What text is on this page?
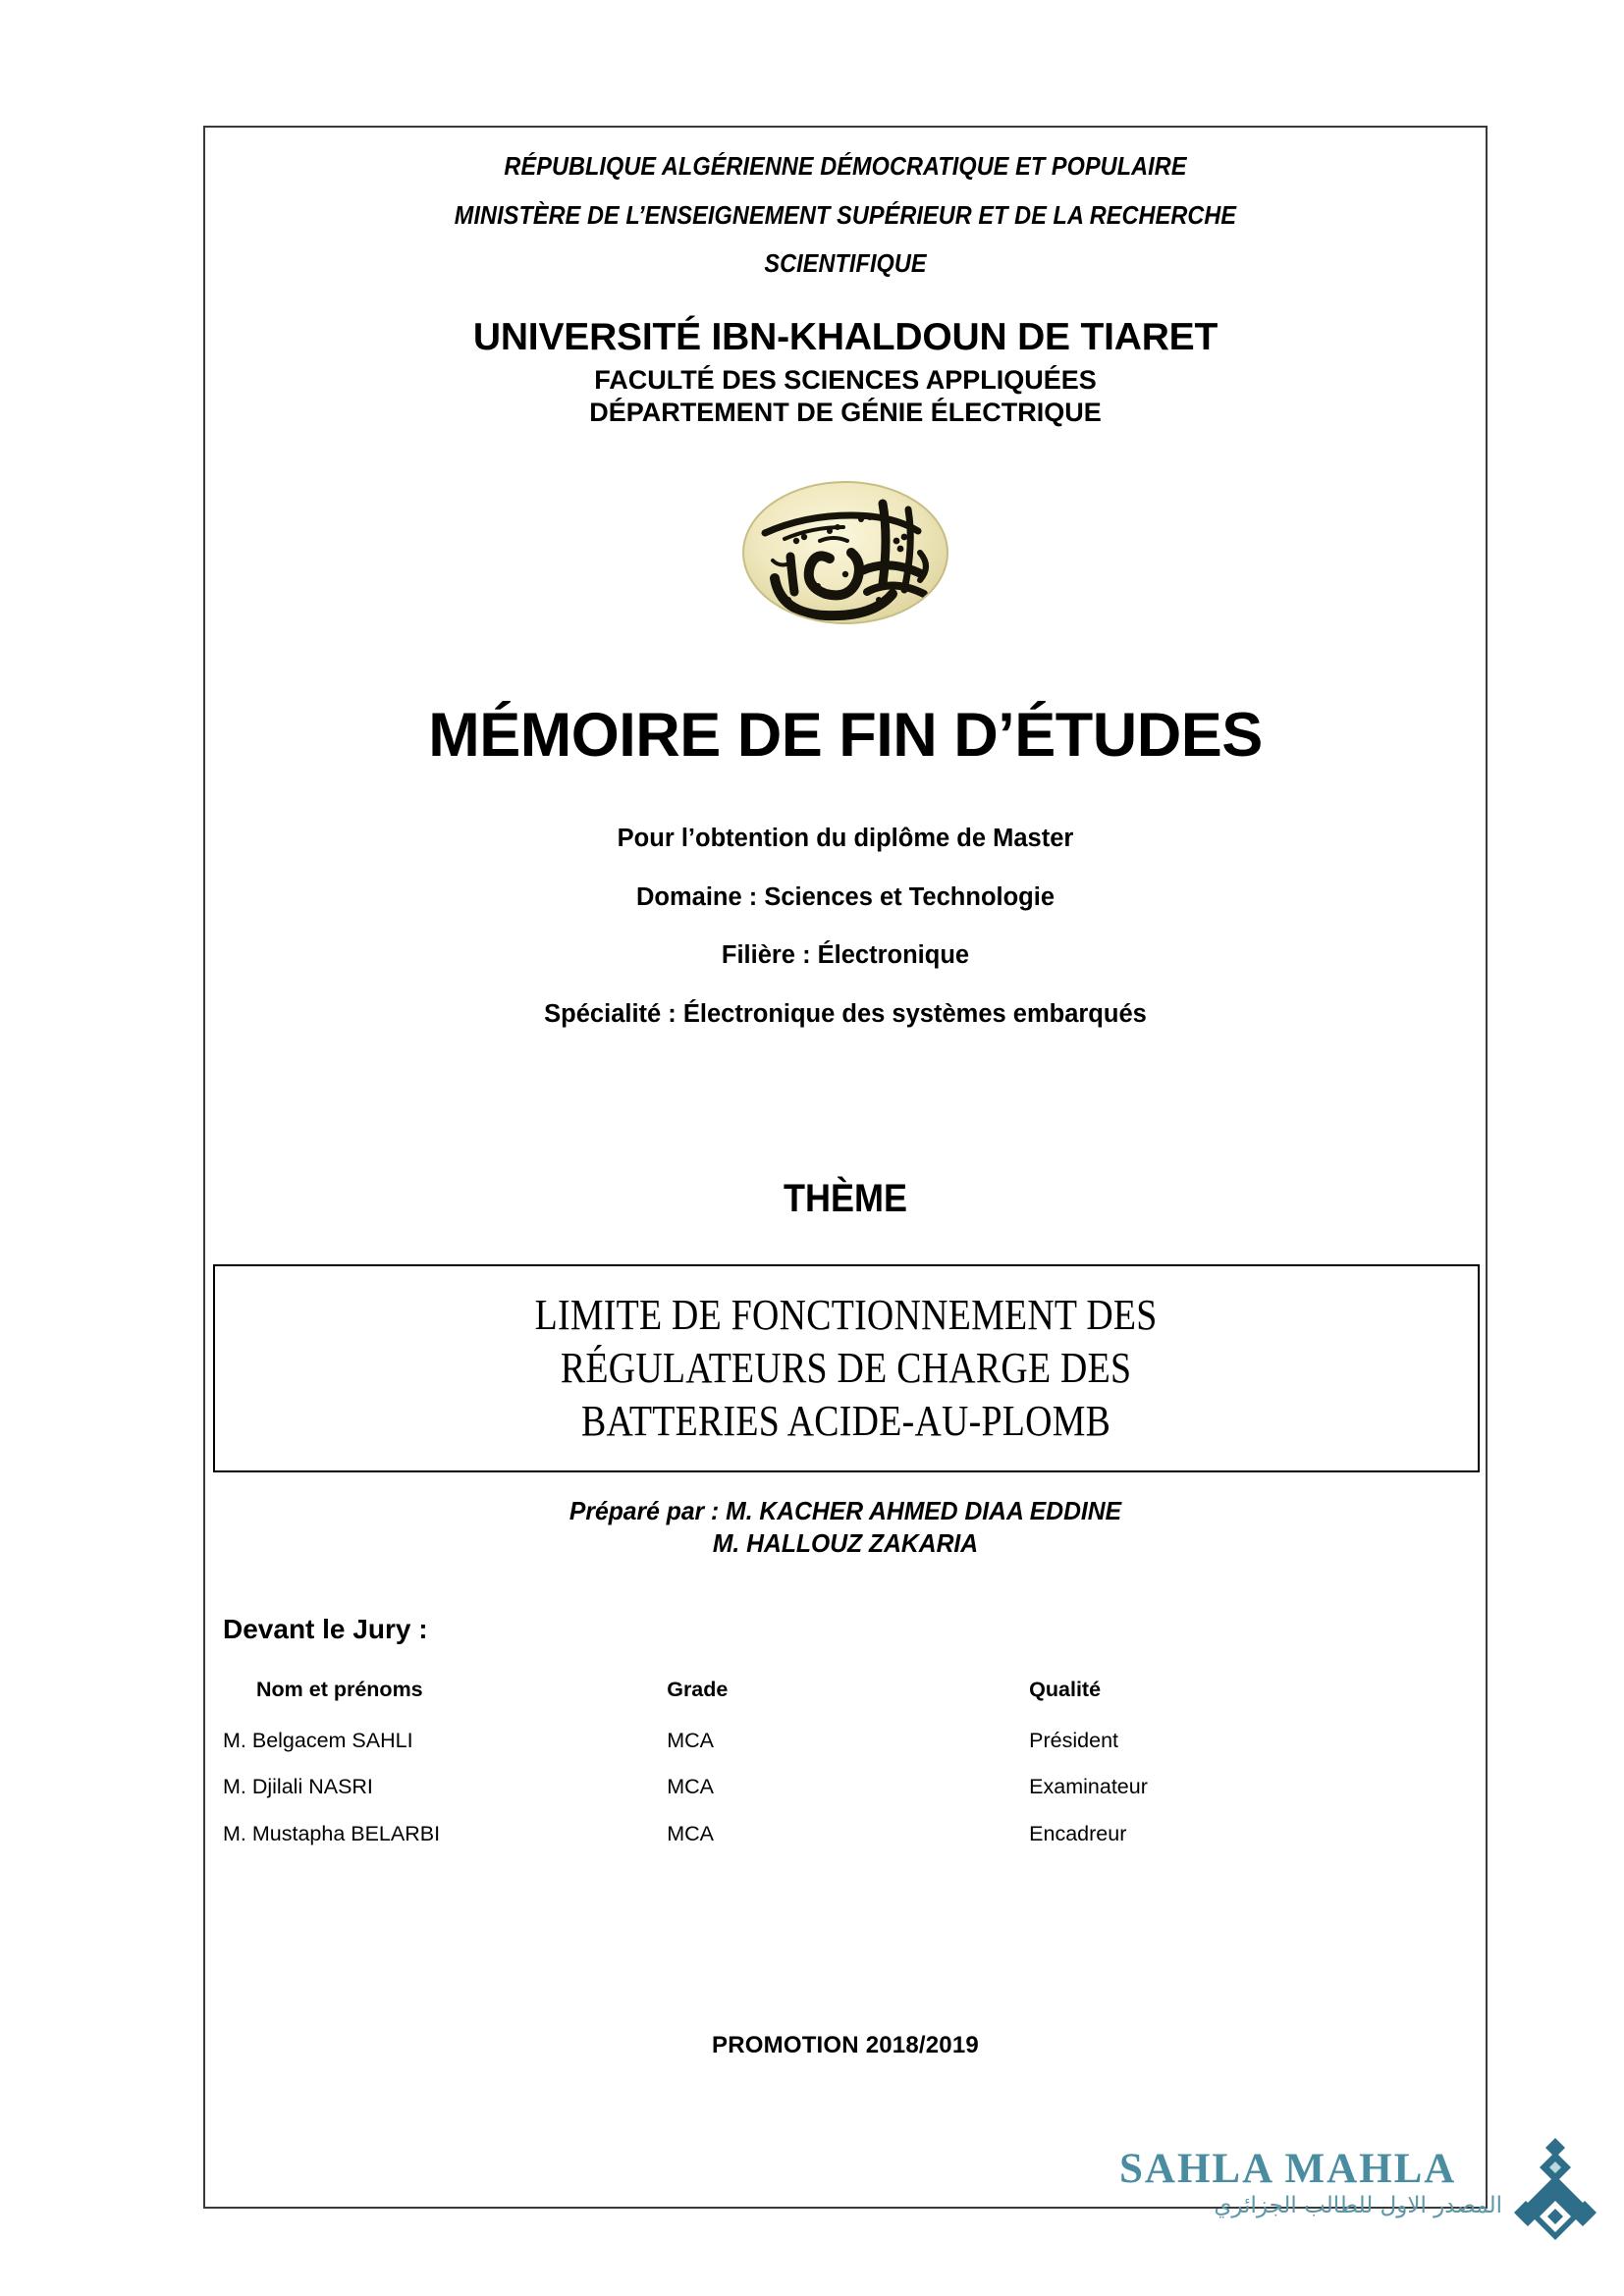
RÉPUBLIQUE ALGÉRIENNE DÉMOCRATIQUE ET POPULAIRE
MINISTÈRE DE L’ENSEIGNEMENT SUPÉRIEUR ET DE LA RECHERCHE
SCIENTIFIQUE
UNIVERSITÉ IBN-KHALDOUN DE TIARET
FACULTÉ DES SCIENCES APPLIQUÉES
DÉPARTEMENT DE GÉNIE ÉLECTRIQUE
MÉMOIRE DE FIN D’ÉTUDES
Pour l’obtention du diplôme de Master
Domaine : Sciences et Technologie
Filière : Électronique
Spécialité : Électronique des systèmes embarqués
THÈME
LIMITE DE FONCTIONNEMENT DES
RÉGULATEURS DE CHARGE DES
BATTERIES ACIDE-AU-PLOMB
Préparé par : M. KACHER AHMED DIAA EDDINE
M. HALLOUZ ZAKARIA
Devant le Jury :
Nom et prénoms	Grade	Qualité
M. Belgacem SAHLI	MCA	Président
M. Djilali NASRI	MCA	Examinateur
M. Mustapha BELARBI	MCA	Encadreur
PROMOTION 2018/2019
SAHLA MAHLA
المصدر الاول للطالب الجزائري
